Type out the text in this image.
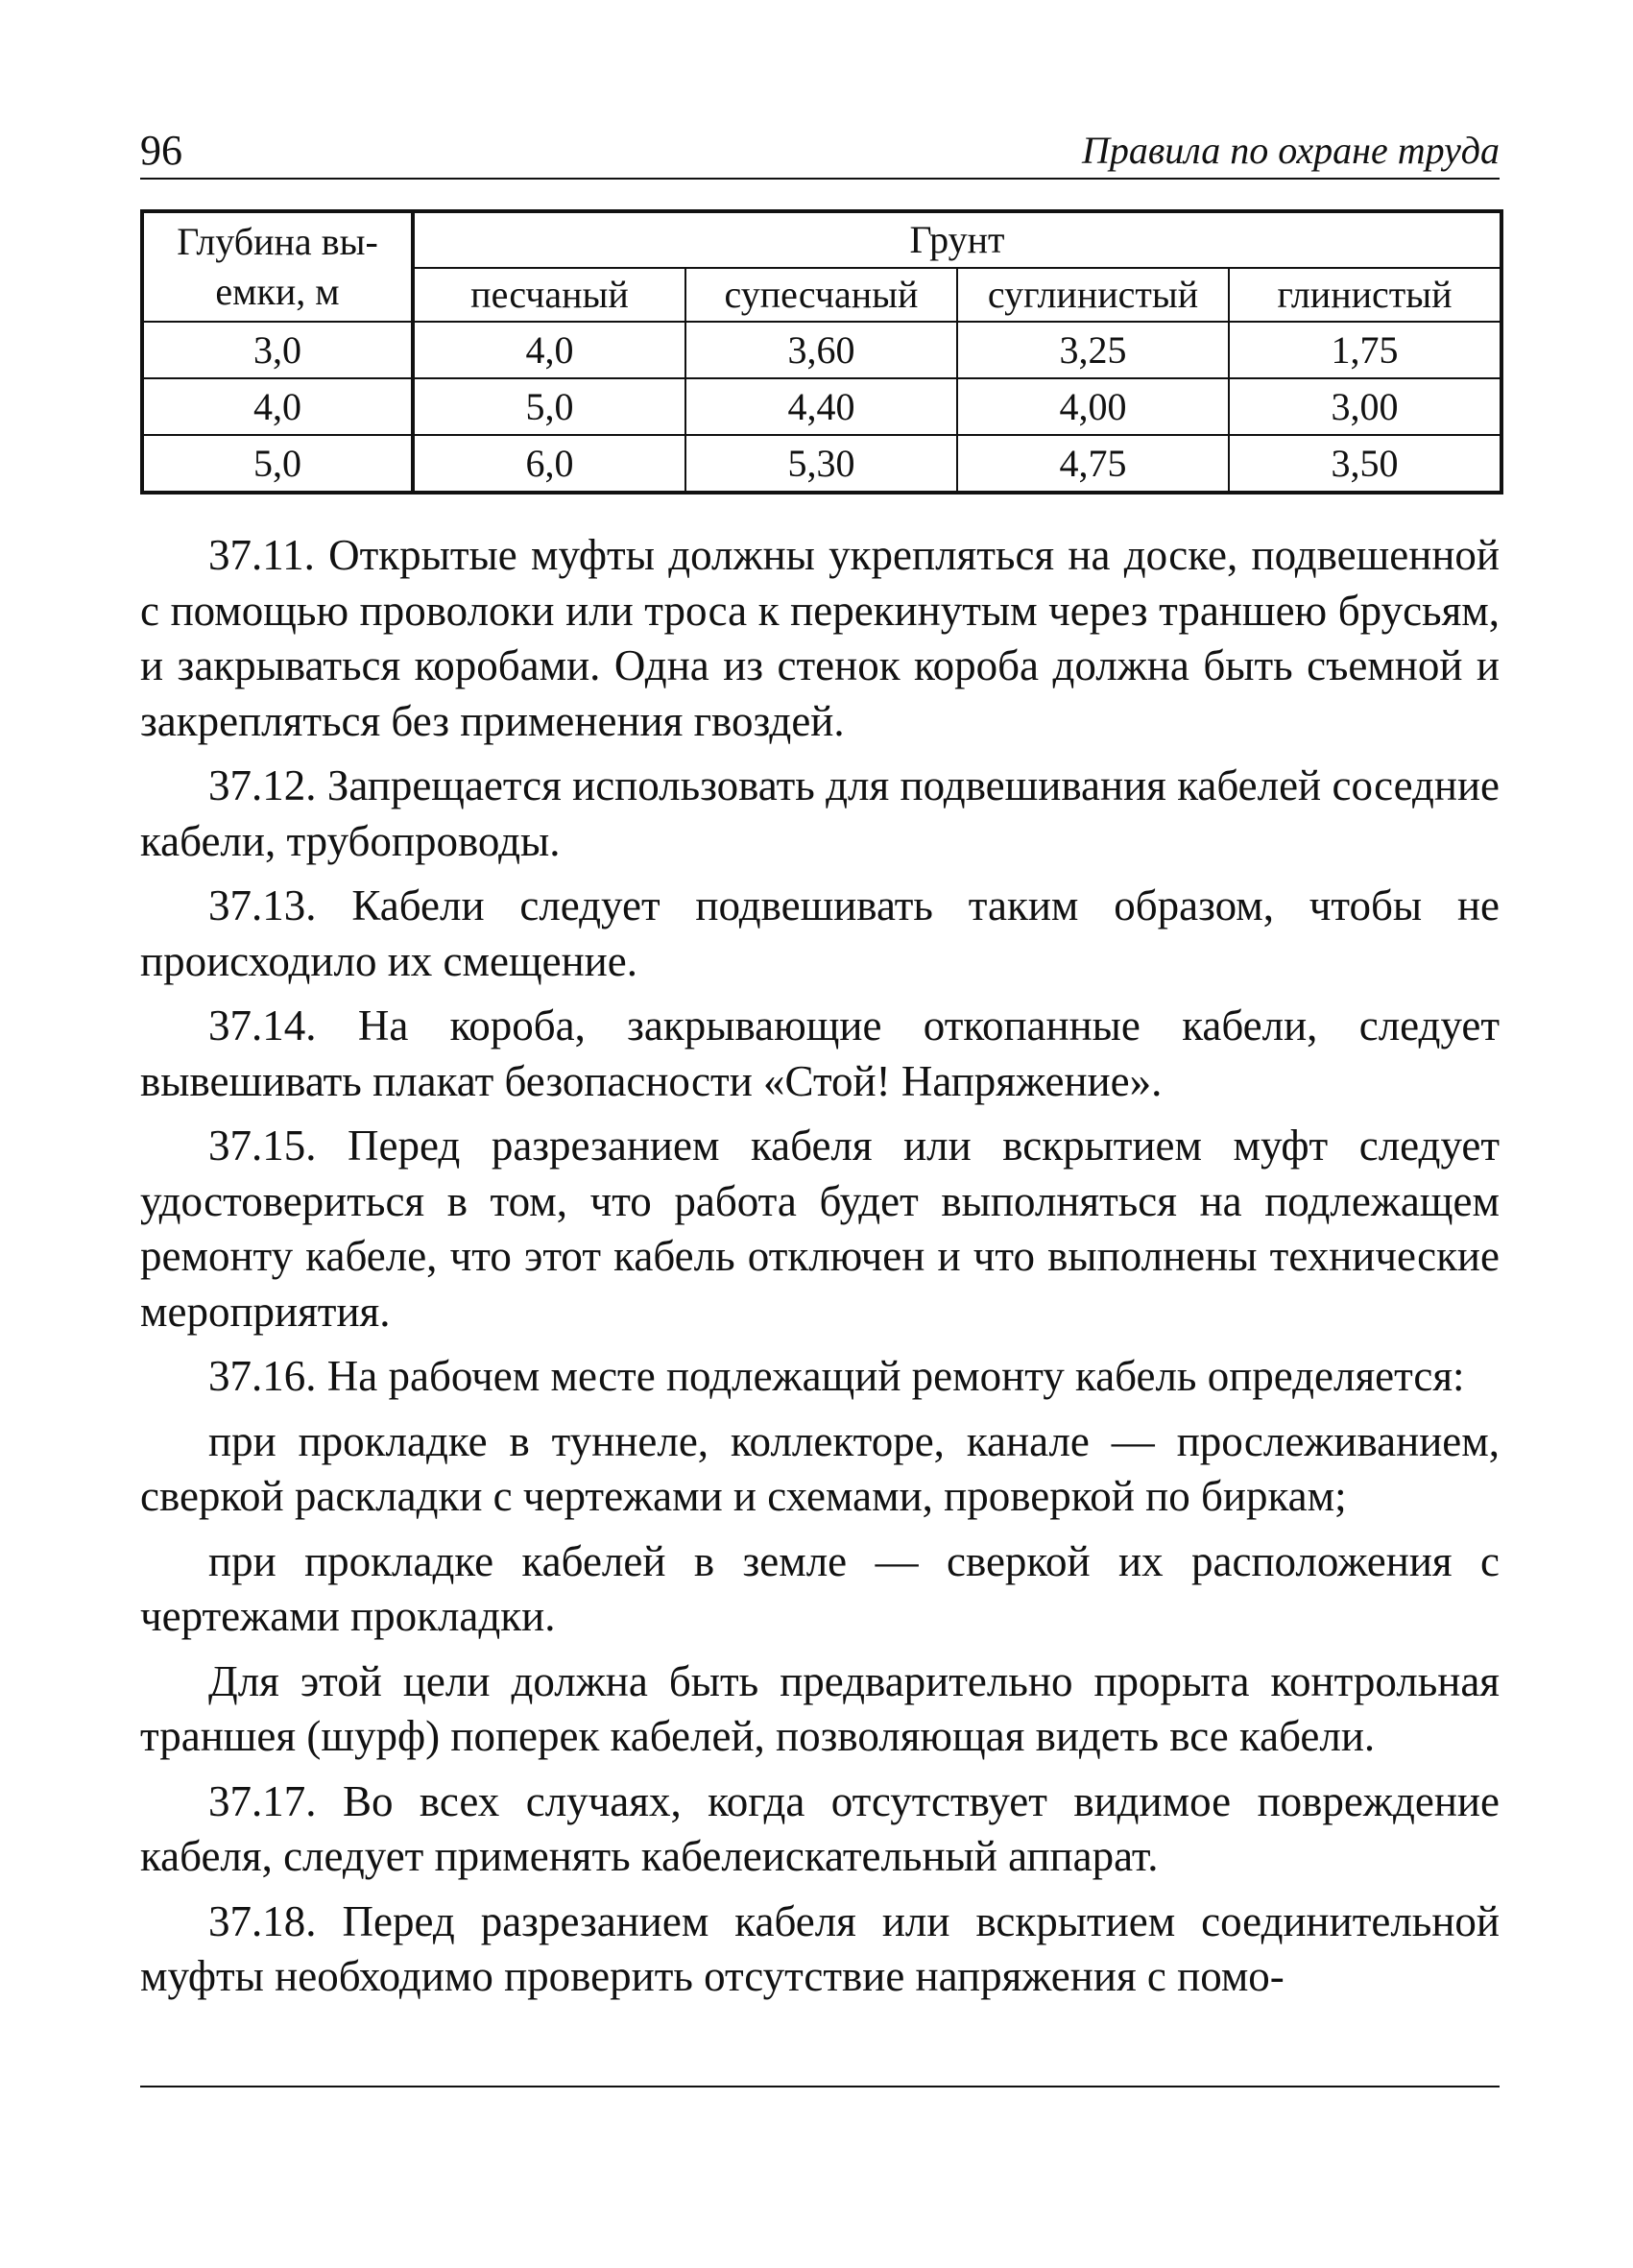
96	Правила по охране труда
Глубина вы-
емки, м	Грунт			
	песчаный	супесчаный	суглинистый	глинистый
3,0	4,0	3,60	3,25	1,75
4,0	5,0	4,40	4,00	3,00
5,0	6,0	5,30	4,75	3,50

37.11. Открытые муфты должны укрепляться на доске, подвешенной с помощью проволоки или троса к перекинутым через траншею брусьям, и закрываться коробами. Одна из стенок короба должна быть съемной и закрепляться без применения гвоздей.

37.12. Запрещается использовать для подвешивания кабелей соседние кабели, трубопроводы.

37.13. Кабели следует подвешивать таким образом, чтобы не происходило их смещение.

37.14. На короба, закрывающие откопанные кабели, следует вывешивать плакат безопасности «Стой! Напряжение».

37.15. Перед разрезанием кабеля или вскрытием муфт следует удостовериться в том, что работа будет выполняться на подлежащем ремонту кабеле, что этот кабель отключен и что выполнены технические мероприятия.

37.16. На рабочем месте подлежащий ремонту кабель определяется:

при прокладке в туннеле, коллекторе, канале — прослеживанием, сверкой раскладки с чертежами и схемами, проверкой по биркам;

при прокладке кабелей в земле — сверкой их расположения с чертежами прокладки.

Для этой цели должна быть предварительно прорыта контрольная траншея (шурф) поперек кабелей, позволяющая видеть все кабели.

37.17. Во всех случаях, когда отсутствует видимое повреждение кабеля, следует применять кабелеискательный аппарат.

37.18. Перед разрезанием кабеля или вскрытием соединительной муфты необходимо проверить отсутствие напряжения с помо-
